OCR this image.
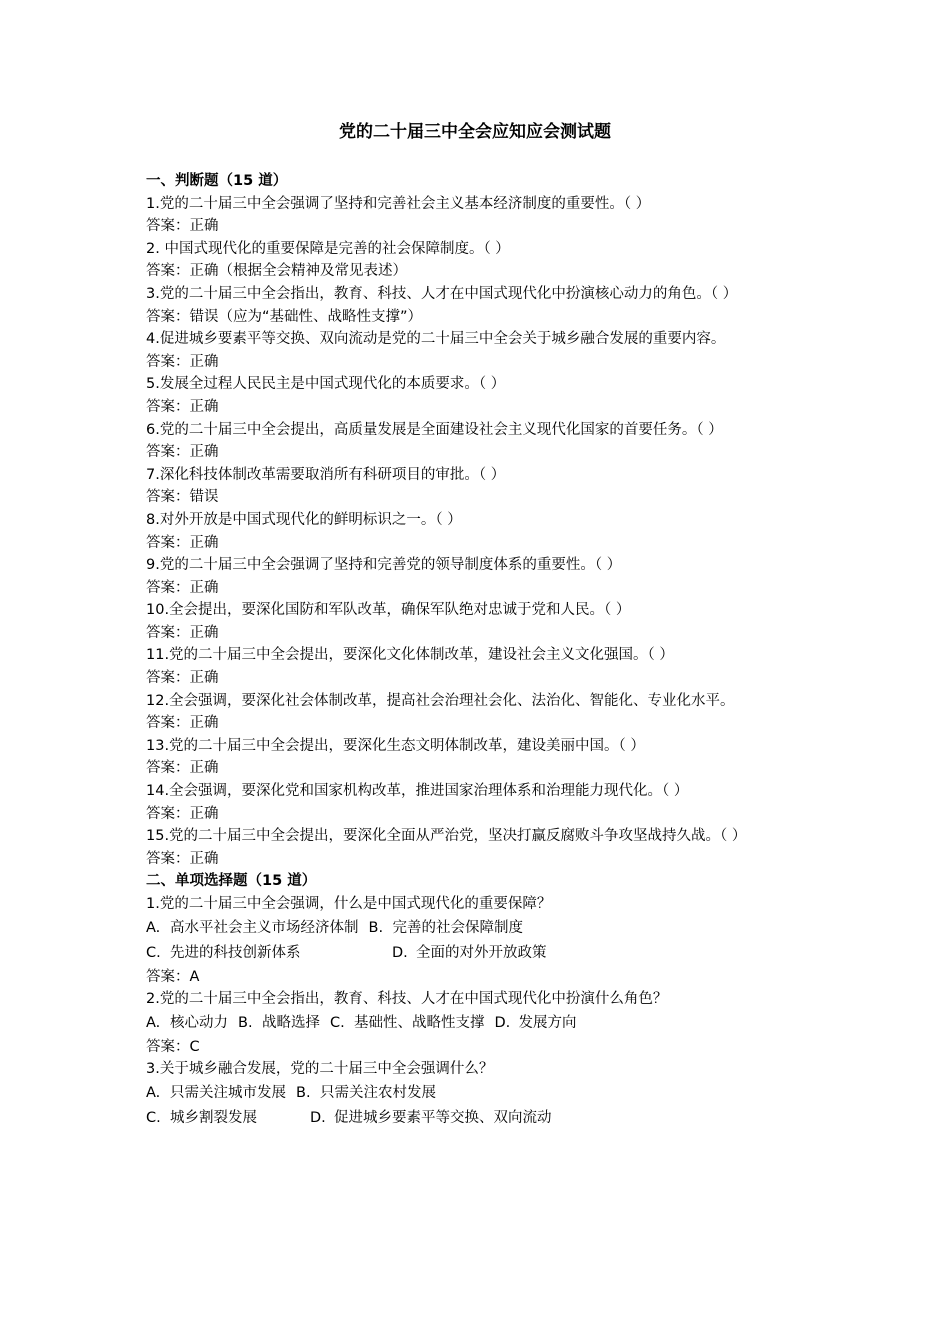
党的二十届三中全会应知应会测试题
一、判断题（15 道）
1.党的二十届三中全会强调了坚持和完善社会主义基本经济制度的重要性。（ ）
答案：正确
2. 中国式现代化的重要保障是完善的社会保障制度。（ ）
答案：正确（根据全会精神及常见表述）
3.党的二十届三中全会指出，教育、科技、人才在中国式现代化中扮演核心动力的角色。（ ）
答案：错误（应为“基础性、战略性支撑”）
4.促进城乡要素平等交换、双向流动是党的二十届三中全会关于城乡融合发展的重要内容。
答案：正确
5.发展全过程人民民主是中国式现代化的本质要求。（ ）
答案：正确
6.党的二十届三中全会提出，高质量发展是全面建设社会主义现代化国家的首要任务。（ ）
答案：正确
7.深化科技体制改革需要取消所有科研项目的审批。（ ）
答案：错误
8.对外开放是中国式现代化的鲜明标识之一。（ ）
答案：正确
9.党的二十届三中全会强调了坚持和完善党的领导制度体系的重要性。（ ）
答案：正确
10.全会提出，要深化国防和军队改革，确保军队绝对忠诚于党和人民。（ ）
答案：正确
11.党的二十届三中全会提出，要深化文化体制改革，建设社会主义文化强国。（ ）
答案：正确
12.全会强调，要深化社会体制改革，提高社会治理社会化、法治化、智能化、专业化水平。
答案：正确
13.党的二十届三中全会提出，要深化生态文明体制改革，建设美丽中国。（ ）
答案：正确
14.全会强调，要深化党和国家机构改革，推进国家治理体系和治理能力现代化。（ ）
答案：正确
15.党的二十届三中全会提出，要深化全面从严治党，坚决打赢反腐败斗争攻坚战持久战。（ ）
答案：正确
二、单项选择题（15 道）
1.党的二十届三中全会强调，什么是中国式现代化的重要保障？
A. 高水平社会主义市场经济体制 B. 完善的社会保障制度
C. 先进的科技创新体系	D. 全面的对外开放政策
答案：A
2.党的二十届三中全会指出，教育、科技、人才在中国式现代化中扮演什么角色？
A. 核心动力 B. 战略选择 C. 基础性、战略性支撑 D. 发展方向
答案：C
3.关于城乡融合发展，党的二十届三中全会强调什么？
A. 只需关注城市发展 B. 只需关注农村发展
C. 城乡割裂发展	D. 促进城乡要素平等交换、双向流动
